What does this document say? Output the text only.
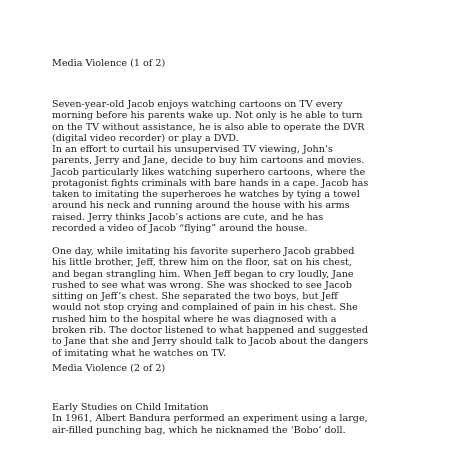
Media Violence (1 of 2)
Seven-year-old Jacob enjoys watching cartoons on TV every
morning before his parents wake up. Not only is he able to turn
on the TV without assistance, he is also able to operate the DVR
(digital video recorder) or play a DVD.
In an effort to curtail his unsupervised TV viewing, John’s
parents, Jerry and Jane, decide to buy him cartoons and movies.
Jacob particularly likes watching superhero cartoons, where the
protagonist fights criminals with bare hands in a cape. Jacob has
taken to imitating the superheroes he watches by tying a towel
around his neck and running around the house with his arms
raised. Jerry thinks Jacob’s actions are cute, and he has
recorded a video of Jacob “flying” around the house.
One day, while imitating his favorite superhero Jacob grabbed
his little brother, Jeff, threw him on the floor, sat on his chest,
and began strangling him. When Jeff began to cry loudly, Jane
rushed to see what was wrong. She was shocked to see Jacob
sitting on Jeff’s chest. She separated the two boys, but Jeff
would not stop crying and complained of pain in his chest. She
rushed him to the hospital where he was diagnosed with a
broken rib. The doctor listened to what happened and suggested
to Jane that she and Jerry should talk to Jacob about the dangers
of imitating what he watches on TV.
Media Violence (2 of 2)
Early Studies on Child Imitation
In 1961, Albert Bandura performed an experiment using a large,
air-filled punching bag, which he nicknamed the ‘Bobo’ doll.
